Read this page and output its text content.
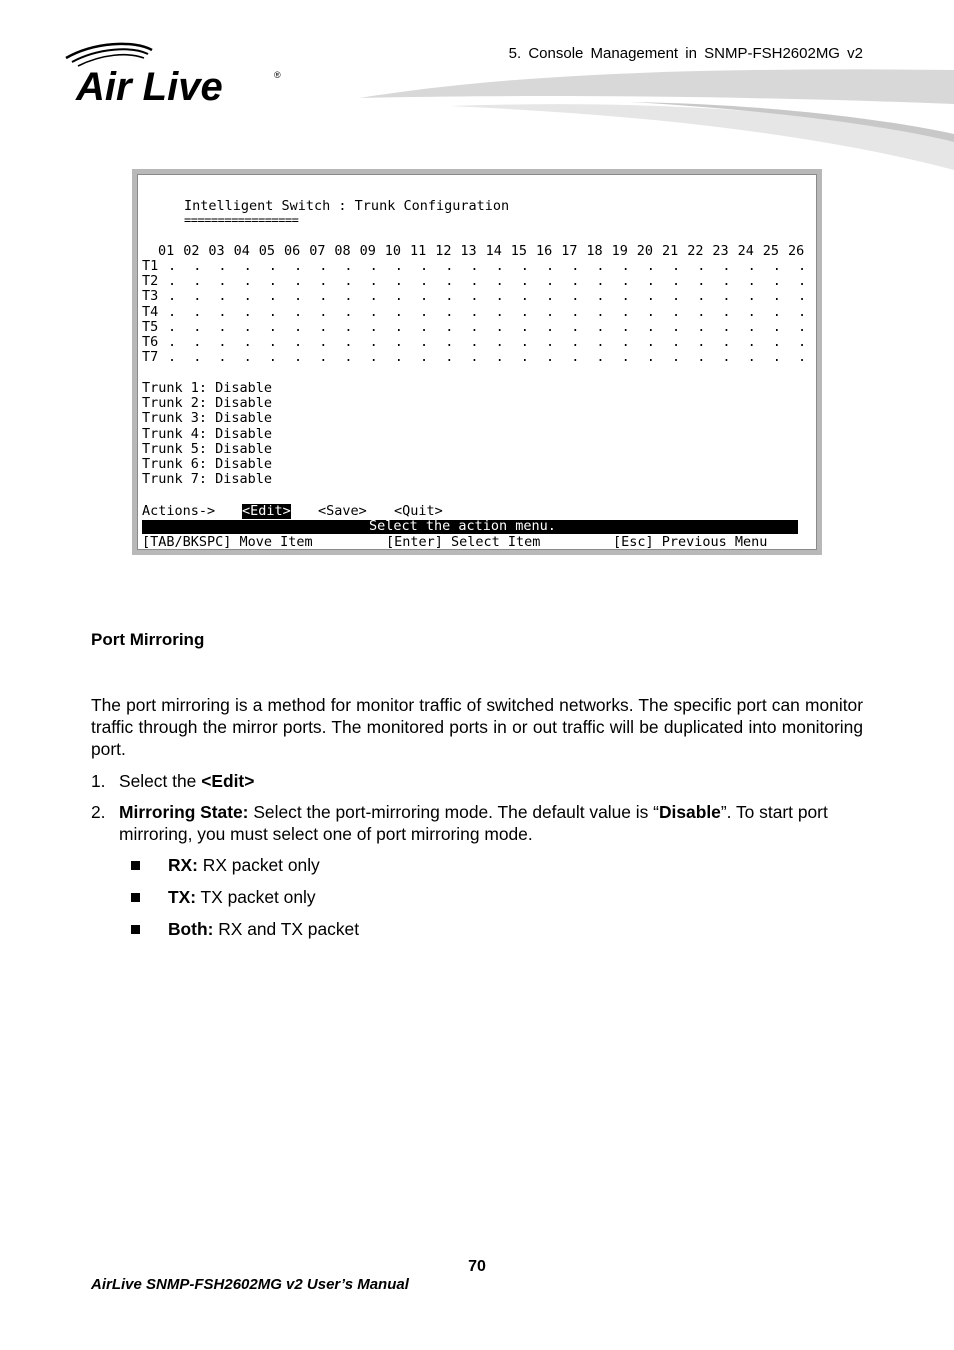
Air Live	®
5. Console Management in SNMP-FSH2602MG v2
Intelligent Switch : Trunk Configuration
=================
01 02 03 04 05 06 07 08 09 10 11 12 13 14 15 16 17 18 19 20 21 22 23 24 25 26
T1 . . . . . . . . . . . . . . . . . . . . . . . . . .
T2 . . . . . . . . . . . . . . . . . . . . . . . . . .
T3 . . . . . . . . . . . . . . . . . . . . . . . . . .
T4 . . . . . . . . . . . . . . . . . . . . . . . . . .
T5 . . . . . . . . . . . . . . . . . . . . . . . . . .
T6 . . . . . . . . . . . . . . . . . . . . . . . . . .
T7 . . . . . . . . . . . . . . . . . . . . . . . . . .
Trunk 1: Disable
Trunk 2: Disable
Trunk 3: Disable
Trunk 4: Disable
Trunk 5: Disable
Trunk 6: Disable
Trunk 7: Disable

Actions->

<Edit>

<Save>

<Quit>

Select the action menu.

[TAB/BKSPC] Move Item

	[Enter] Select Item

	[Esc] Previous Menu

Port Mirroring
The port mirroring is a method for monitor traffic of switched networks. The specific port can monitor traffic through the mirror ports. The monitored ports in or out traffic will be duplicated into monitoring port.
1. Select the <Edit>
2. Mirroring State: Select the port-mirroring mode. The default value is “Disable”. To start port mirroring, you must select one of port mirroring mode.
RX: RX packet only
TX: TX packet only
Both: RX and TX packet
70
AirLive SNMP-FSH2602MG v2 User’s Manual
